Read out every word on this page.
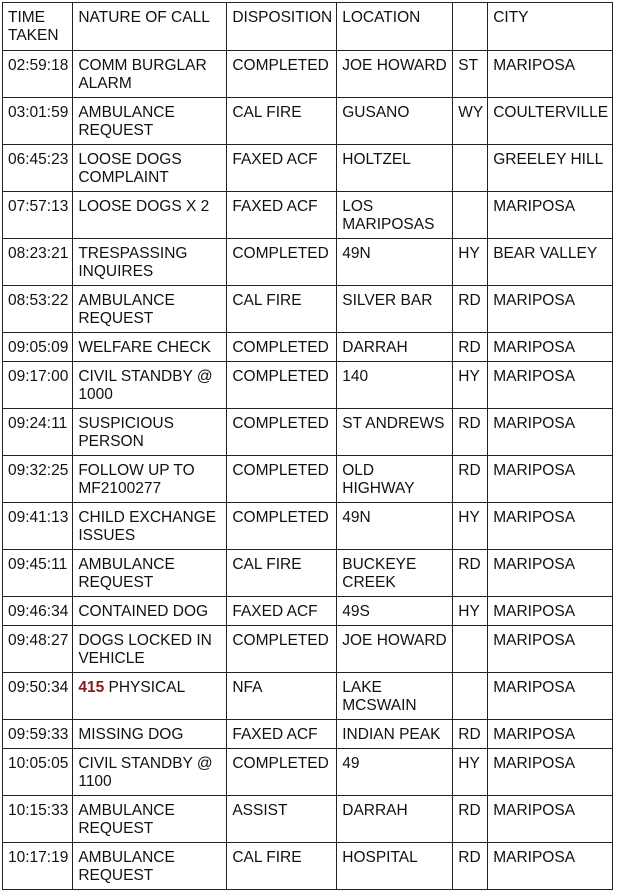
TIME TAKEN	NATURE OF CALL	DISPOSITION	LOCATION		CITY
02:59:18	COMM BURGLAR ALARM	COMPLETED	JOE HOWARD	ST	MARIPOSA
03:01:59	AMBULANCE REQUEST	CAL FIRE	GUSANO	WY	COULTERVILLE
06:45:23	LOOSE DOGS COMPLAINT	FAXED ACF	HOLTZEL		GREELEY HILL
07:57:13	LOOSE DOGS X 2	FAXED ACF	LOS MARIPOSAS		MARIPOSA
08:23:21	TRESPASSING INQUIRES	COMPLETED	49N	HY	BEAR VALLEY
08:53:22	AMBULANCE REQUEST	CAL FIRE	SILVER BAR	RD	MARIPOSA
09:05:09	WELFARE CHECK	COMPLETED	DARRAH	RD	MARIPOSA
09:17:00	CIVIL STANDBY @ 1000	COMPLETED	140	HY	MARIPOSA
09:24:11	SUSPICIOUS PERSON	COMPLETED	ST ANDREWS	RD	MARIPOSA
09:32:25	FOLLOW UP TO MF2100277	COMPLETED	OLD HIGHWAY	RD	MARIPOSA
09:41:13	CHILD EXCHANGE ISSUES	COMPLETED	49N	HY	MARIPOSA
09:45:11	AMBULANCE REQUEST	CAL FIRE	BUCKEYE CREEK	RD	MARIPOSA
09:46:34	CONTAINED DOG	FAXED ACF	49S	HY	MARIPOSA
09:48:27	DOGS LOCKED IN VEHICLE	COMPLETED	JOE HOWARD		MARIPOSA
09:50:34	415 PHYSICAL	NFA	LAKE MCSWAIN		MARIPOSA
09:59:33	MISSING DOG	FAXED ACF	INDIAN PEAK	RD	MARIPOSA
10:05:05	CIVIL STANDBY @ 1100	COMPLETED	49	HY	MARIPOSA
10:15:33	AMBULANCE REQUEST	ASSIST	DARRAH	RD	MARIPOSA
10:17:19	AMBULANCE REQUEST	CAL FIRE	HOSPITAL	RD	MARIPOSA
